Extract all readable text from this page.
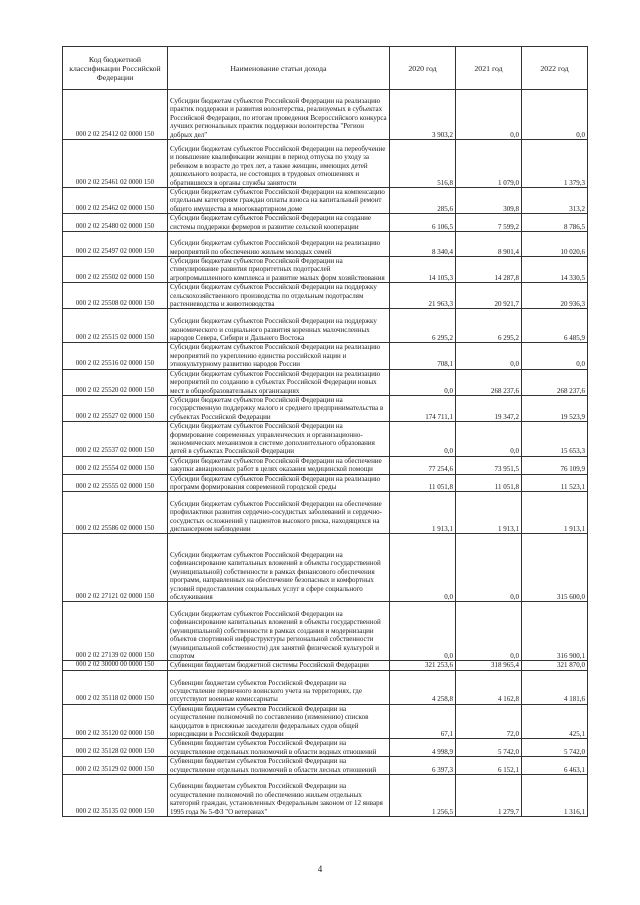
Код бюджетной классификации Российской Федерации	Наименование статьи дохода	2020 год	2021 год	2022 год
000 2 02 25412 02 0000 150	Субсидии бюджетам субъектов Российской Федерации на реализацию практик поддержки и развития волонтерства, реализуемых в субъектах Российской Федерации, по итогам проведения Всероссийского конкурса лучших региональных практик поддержки волонтерства "Регион добрых дел"	3 903,2	0,0	0,0
000 2 02 25461 02 0000 150	Субсидии бюджетам субъектов Российской Федерации на переобучение и повышение квалификации женщин в период отпуска по уходу за ребенком в возрасте до трех лет, а также женщин, имеющих детей дошкольного возраста, не состоящих в трудовых отношениях и обратившихся в органы службы занятости	516,8	1 079,0	1 379,3
000 2 02 25462 02 0000 150	Субсидии бюджетам субъектов Российской Федерации на компенсацию отдельным категориям граждан оплаты взноса на капитальный ремонт общего имущества в многоквартирном доме	285,6	309,8	313,2
000 2 02 25480 02 0000 150	Субсидии бюджетам субъектов Российской Федерации на создание системы поддержки фермеров и развитие сельской кооперации	6 106,5	7 599,2	8 786,5
000 2 02 25497 02 0000 150	Субсидии бюджетам субъектов Российской Федерации на реализацию мероприятий по обеспечению жильем молодых семей	8 340,4	8 901,4	10 020,6
000 2 02 25502 02 0000 150	Субсидии бюджетам субъектов Российской Федерации на стимулирование развития приоритетных подотраслей агропромышленного комплекса и развитие малых форм хозяйствования	14 105,3	14 287,8	14 330,5
000 2 02 25508 02 0000 150	Субсидии бюджетам субъектов Российской Федерации на поддержку сельскохозяйственного производства по отдельным подотраслям растениеводства и животноводства	21 963,3	20 921,7	20 936,3
000 2 02 25515 02 0000 150	Субсидии бюджетам субъектов Российской Федерации на поддержку экономического и социального развития коренных малочисленных народов Севера, Сибири и Дальнего Востока	6 295,2	6 295,2	6 485,9
000 2 02 25516 02 0000 150	Субсидии бюджетам субъектов Российской Федерации на реализацию мероприятий по укреплению единства российской нации и этнокультурному развитию народов России	708,1	0,0	0,0
000 2 02 25520 02 0000 150	Субсидии бюджетам субъектов Российской Федерации на реализацию мероприятий по созданию в субъектах Российской Федерации новых мест в общеобразовательных организациях	0,0	268 237,6	268 237,6
000 2 02 25527 02 0000 150	Субсидии бюджетам субъектов Российской Федерации на государственную поддержку малого и среднего предпринимательства в субъектах Российской Федерации	174 711,1	19 347,2	19 523,9
000 2 02 25537 02 0000 150	Субсидии бюджетам субъектов Российской Федерации на формирование современных управленческих и организационно-экономических механизмов в системе дополнительного образования детей в субъектах Российской Федерации	0,0	0,0	15 653,3
000 2 02 25554 02 0000 150	Субсидии бюджетам субъектов Российской Федерации на обеспечение закупки авиационных работ в целях оказания медицинской помощи	77 254,6	73 951,5	76 109,9
000 2 02 25555 02 0000 150	Субсидии бюджетам субъектов Российской Федерации на реализацию программ формирования современной городской среды	11 051,8	11 051,8	11 523,1
000 2 02 25586 02 0000 150	Субсидии бюджетам субъектов Российской Федерации на обеспечение профилактики развития сердечно-сосудистых заболеваний и сердечно-сосудистых осложнений у пациентов высокого риска, находящихся на диспансерном наблюдении	1 913,1	1 913,1	1 913,1
000 2 02 27121 02 0000 150	Субсидии бюджетам субъектов Российской Федерации на софинансирование капитальных вложений в объекты государственной (муниципальной) собственности в рамках финансового обеспечения программ, направленных на обеспечение безопасных и комфортных условий предоставления социальных услуг в сфере социального обслуживания	0,0	0,0	315 600,0
000 2 02 27139 02 0000 150	Субсидии бюджетам субъектов Российской Федерации на софинансирование капитальных вложений в объекты государственной (муниципальной) собственности в рамках создания и модернизации объектов спортивной инфраструктуры региональной собственности (муниципальной собственности) для занятий физической культурой и спортом	0,0	0,0	316 900,1
000 2 02 30000 00 0000 150	Субвенции бюджетам бюджетной системы Российской Федерации	321 253,6	318 965,4	321 870,0
000 2 02 35118 02 0000 150	Субвенции бюджетам субъектов Российской Федерации на осуществление первичного воинского учета на территориях, где отсутствуют военные комиссариаты	4 258,8	4 162,8	4 181,6
000 2 02 35120 02 0000 150	Субвенции бюджетам субъектов Российской Федерации на осуществление полномочий по составлению (изменению) списков кандидатов в присяжные заседатели федеральных судов общей юрисдикции в Российской Федерации	67,1	72,0	425,1
000 2 02 35128 02 0000 150	Субвенции бюджетам субъектов Российской Федерации на осуществление отдельных полномочий в области водных отношений	4 998,9	5 742,0	5 742,0
000 2 02 35129 02 0000 150	Субвенции бюджетам субъектов Российской Федерации на осуществление отдельных полномочий в области лесных отношений	6 397,3	6 152,1	6 463,1
000 2 02 35135 02 0000 150	Субвенции бюджетам субъектов Российской Федерации на осуществление полномочий по обеспечению жильем отдельных категорий граждан, установленных Федеральным законом от 12 января 1995 года № 5-ФЗ "О ветеранах"	1 256,5	1 279,7	1 316,1
4
